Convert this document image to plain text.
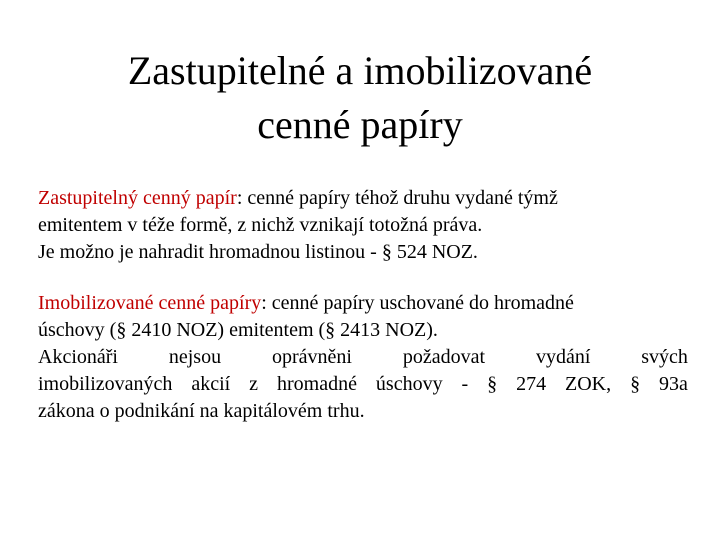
Zastupitelné a imobilizované
cenné papíry
Zastupitelný cenný papír: cenné papíry téhož druhu vydané týmž
emitentem v téže formě, z nichž vznikají totožná práva.
Je možno je nahradit hromadnou listinou - § 524 NOZ.
Imobilizované cenné papíry: cenné papíry uschované do hromadné
úschovy (§ 2410 NOZ) emitentem (§ 2413 NOZ).
Akcionáři	nejsou	oprávněni	požadovat	vydání	svých
imobilizovaných akcií z hromadné úschovy - § 274 ZOK, § 93a
zákona o podnikání na kapitálovém trhu.
